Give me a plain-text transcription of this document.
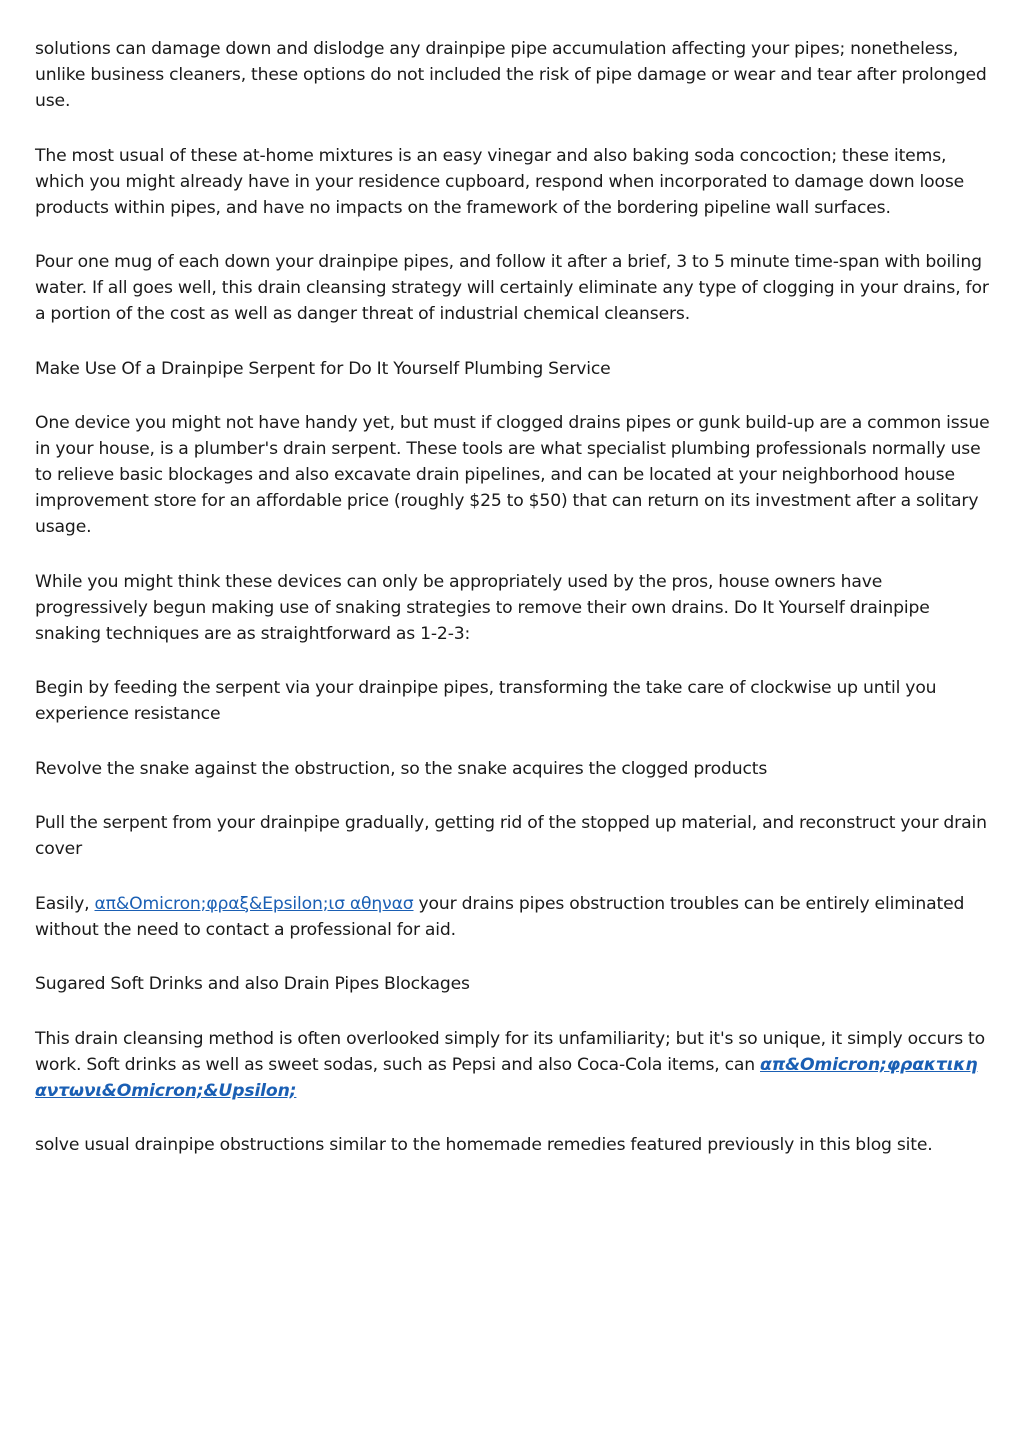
solutions can damage down and dislodge any drainpipe pipe accumulation affecting your pipes; nonetheless, unlike business cleaners, these options do not included the risk of pipe damage or wear and tear after prolonged use.

The most usual of these at-home mixtures is an easy vinegar and also baking soda concoction; these items, which you might already have in your residence cupboard, respond when incorporated to damage down loose products within pipes, and have no impacts on the framework of the bordering pipeline wall surfaces.

Pour one mug of each down your drainpipe pipes, and follow it after a brief, 3 to 5 minute time-span with boiling water. If all goes well, this drain cleansing strategy will certainly eliminate any type of clogging in your drains, for a portion of the cost as well as danger threat of industrial chemical cleansers.

Make Use Of a Drainpipe Serpent for Do It Yourself Plumbing Service

One device you might not have handy yet, but must if clogged drains pipes or gunk build-up are a common issue in your house, is a plumber's drain serpent. These tools are what specialist plumbing professionals normally use to relieve basic blockages and also excavate drain pipelines, and can be located at your neighborhood house improvement store for an affordable price (roughly $25 to $50) that can return on its investment after a solitary usage.

While you might think these devices can only be appropriately used by the pros, house owners have progressively begun making use of snaking strategies to remove their own drains. Do It Yourself drainpipe snaking techniques are as straightforward as 1-2-3:

Begin by feeding the serpent via your drainpipe pipes, transforming the take care of clockwise up until you experience resistance

Revolve the snake against the obstruction, so the snake acquires the clogged products

Pull the serpent from your drainpipe gradually, getting rid of the stopped up material, and reconstruct your drain cover

Easily, απ&Omicron;φραξ&Epsilon;ισ αθηνασ your drains pipes obstruction troubles can be entirely eliminated without the need to contact a professional for aid.

Sugared Soft Drinks and also Drain Pipes Blockages

This drain cleansing method is often overlooked simply for its unfamiliarity; but it's so unique, it simply occurs to work. Soft drinks as well as sweet sodas, such as Pepsi and also Coca-Cola items, can απ&Omicron;φρακτικη αντωνι&Omicron;&Upsilon;

solve usual drainpipe obstructions similar to the homemade remedies featured previously in this blog site.
